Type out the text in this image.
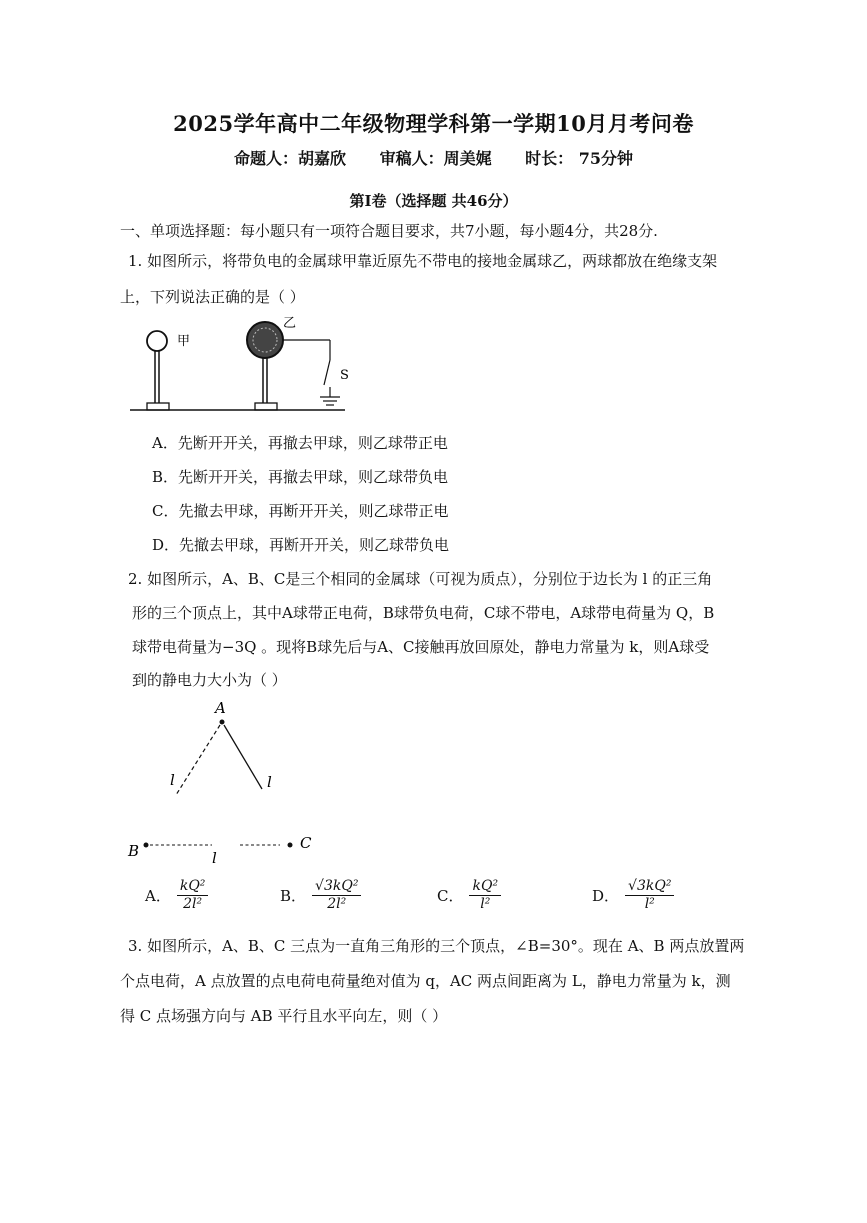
2025学年高中二年级物理学科第一学期10月月考问卷
命题人：胡嘉欣 审稿人：周美娓 时长： 75分钟
第Ⅰ卷（选择题 共46分）
一、单项选择题：每小题只有一项符合题目要求，共7小题，每小题4分，共28分.
1. 如图所示，将带负电的金属球甲靠近原先不带电的接地金属球乙，两球都放在绝缘支架
上，下列说法正确的是（ ）
甲
乙
S
A．先断开开关，再撤去甲球，则乙球带正电
B．先断开开关，再撤去甲球，则乙球带负电
C．先撤去甲球，再断开开关，则乙球带正电
D．先撤去甲球，再断开开关，则乙球带负电
2. 如图所示，A、B、C是三个相同的金属球（可视为质点），分别位于边长为 l 的正三角
形的三个顶点上，其中A球带正电荷，B球带负电荷，C球不带电，A球带电荷量为 Q，B
球带电荷量为−3Q 。现将B球先后与A、C接触再放回原处，静电力常量为 k，则A球受
到的静电力大小为（ ）
A
l	l
B	C
l
A． $\frac{\text{kQ²}}{\text{2l²}}$	B． $\frac{\text{√3kQ²}}{\text{2l²}}$	C． $\frac{\text{kQ²}}{\text{l²}}$	D． $\frac{\text{√3kQ²}}{\text{l²}}$
3. 如图所示，A、B、C 三点为一直角三角形的三个顶点，∠B=30°。现在 A、B 两点放置两
个点电荷，A 点放置的点电荷电荷量绝对值为 q，AC 两点间距离为 L，静电力常量为 k，测
得 C 点场强方向与 AB 平行且水平向左，则（ ）
